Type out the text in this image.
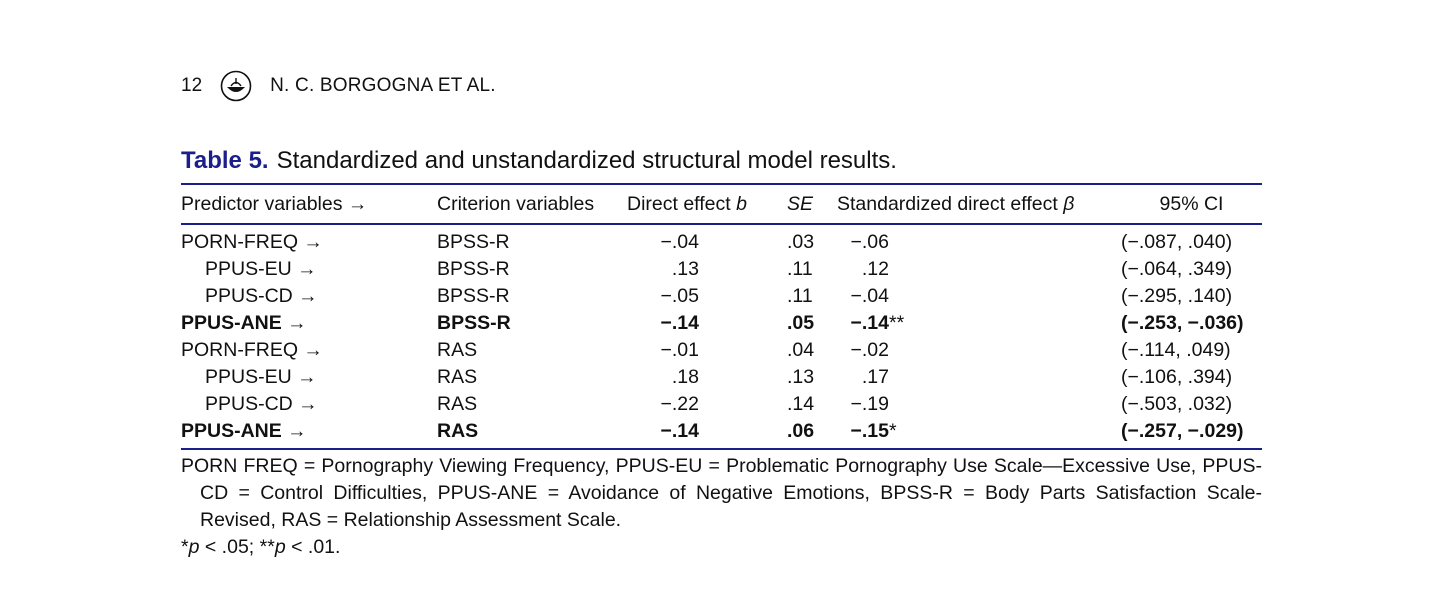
12	N. C. BORGOGNA ET AL.
Table 5. Standardized and unstandardized structural model results.
Predictor variables →	Criterion variables	Direct effect b	SE	Standardized direct effect β	95% CI
PORN-FREQ →	BPSS-R	−.04	.03	−.06	(−.087, .040)
PPUS-EU →	BPSS-R	.13	.11	.12	(−.064, .349)
PPUS-CD →	BPSS-R	−.05	.11	−.04	(−.295, .140)
PPUS-ANE →	BPSS-R	−.14	.05	−.14**	(−.253, −.036)
PORN-FREQ →	RAS	−.01	.04	−.02	(−.114, .049)
PPUS-EU →	RAS	.18	.13	.17	(−.106, .394)
PPUS-CD →	RAS	−.22	.14	−.19	(−.503, .032)
PPUS-ANE →	RAS	−.14	.06	−.15*	(−.257, −.029)
PORN FREQ = Pornography Viewing Frequency, PPUS-EU = Problematic Pornography Use Scale—Excessive Use, PPUS-CD = Control Difficulties, PPUS-ANE = Avoidance of Negative Emotions, BPSS-R = Body Parts Satisfaction Scale-Revised, RAS = Relationship Assessment Scale.
*p < .05; **p < .01.
